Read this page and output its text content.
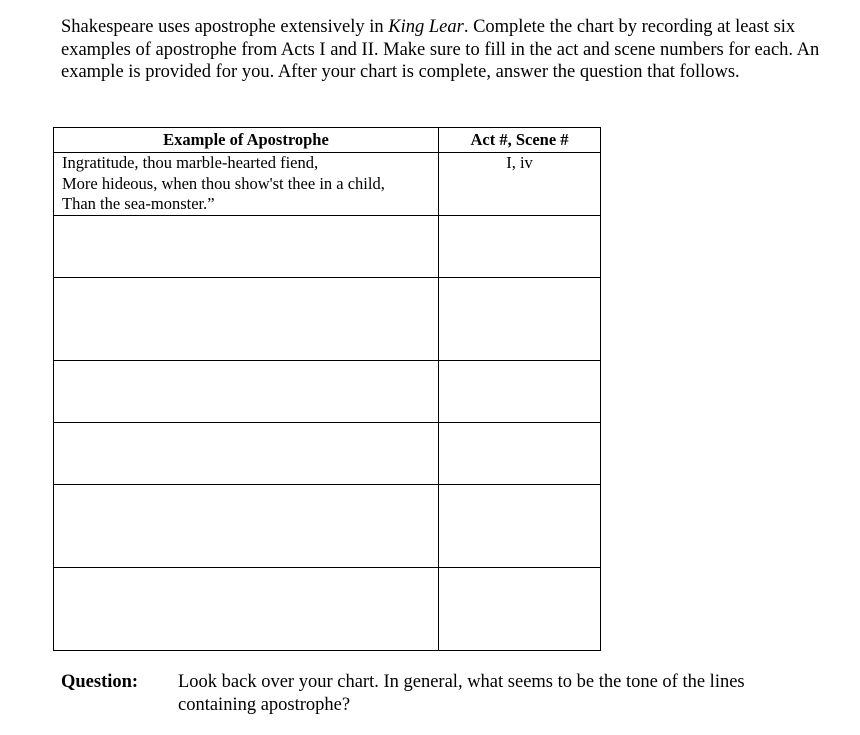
Shakespeare uses apostrophe extensively in King Lear. Complete the chart by recording at least six examples of apostrophe from Acts I and II. Make sure to fill in the act and scene numbers for each. An example is provided for you. After your chart is complete, answer the question that follows.

Example of Apostrophe	Act #, Scene #

Ingratitude, thou marble-hearted fiend,
More hideous, when thou show'st thee in a child,
Than the sea-monster.”	I, iv

Question: Look back over your chart. In general, what seems to be the tone of the lines containing apostrophe?
